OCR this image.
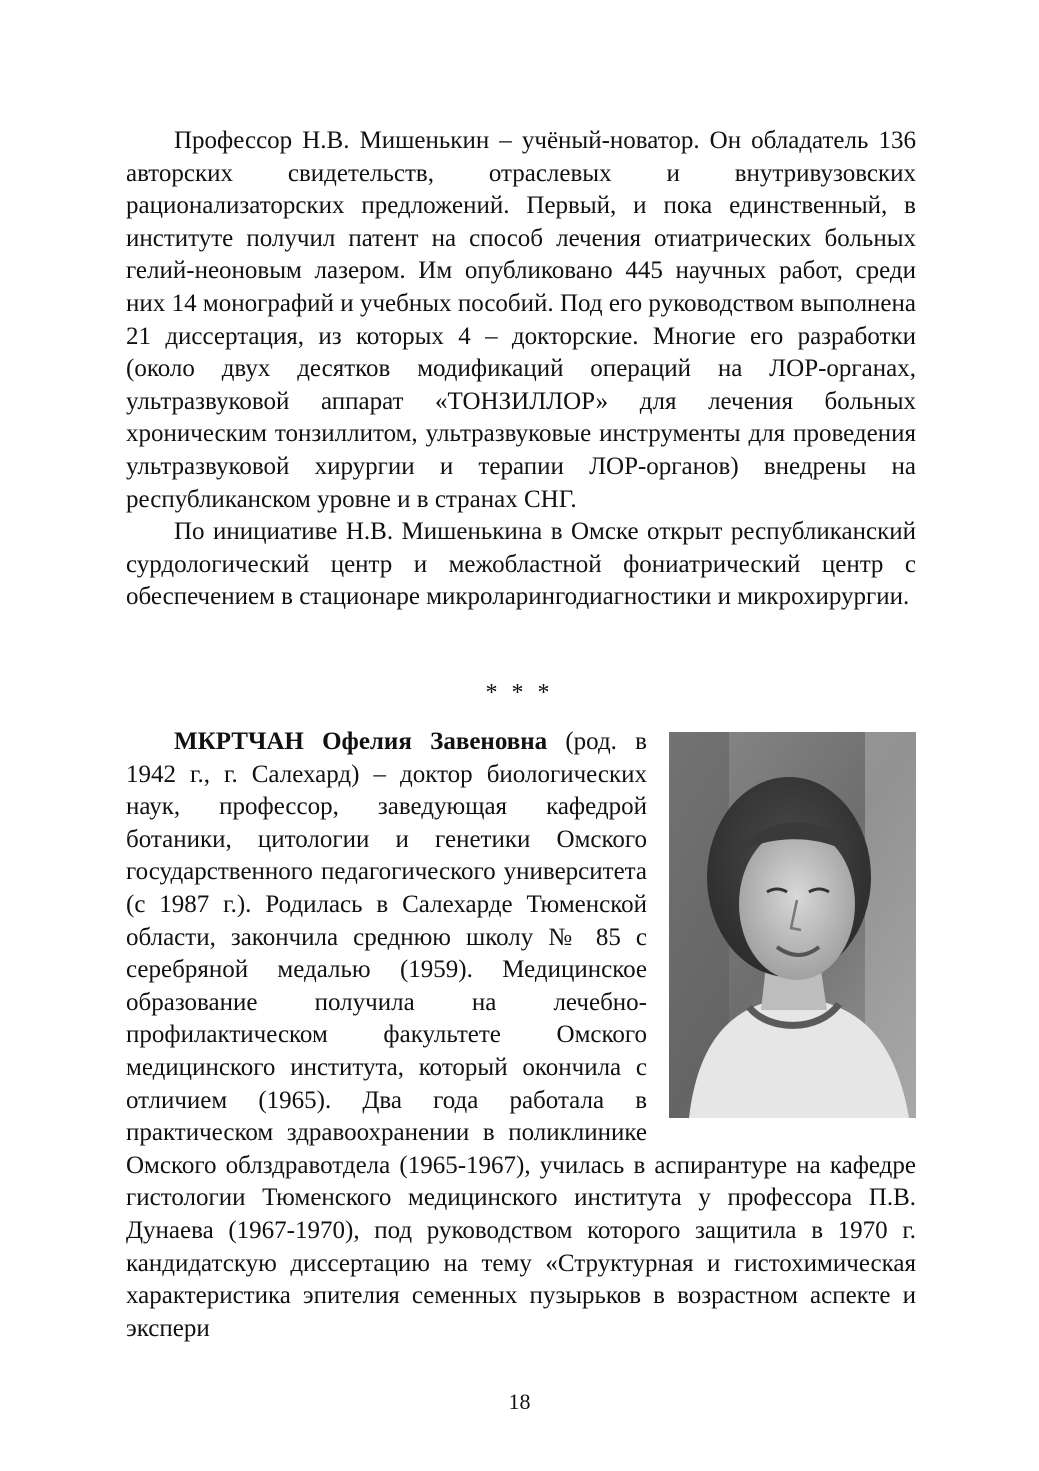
Профессор Н.В. Мишенькин – учёный-новатор. Он обладатель 136 авторских свидетельств, отраслевых и внутривузовских рационализаторских предложений. Первый, и пока единственный, в институте получил патент на способ лечения отиатрических больных гелий-неоновым лазером. Им опубликовано 445 научных работ, среди них 14 монографий и учебных пособий. Под его руководством выполнена 21 диссертация, из которых 4 – докторские. Многие его разработки (около двух десятков модификаций операций на ЛОР-органах, ультразвуковой аппарат «ТОНЗИЛЛОР» для лечения больных хроническим тонзиллитом, ультразвуковые инструменты для проведения ультразвуковой хирургии и терапии ЛОР-органов) внедрены на республиканском уровне и в странах СНГ.

По инициативе Н.В. Мишенькина в Омске открыт республиканский сурдологический центр и межобластной фониатрический центр с обеспечением в стационаре микроларингодиагностики и микрохирургии.

* * *

МКРТЧАН Офелия Завеновна (род. в 1942 г., г. Салехард) – доктор биологических наук, профессор, заведующая кафедрой ботаники, цитологии и генетики Омского государственного педагогического университета (с 1987 г.). Родилась в Салехарде Тюменской области, закончила среднюю школу № 85 с серебряной медалью (1959). Медицинское образование получила на лечебно-профилактическом факультете Омского медицинского института, который окончила с отличием (1965). Два года работала в практическом здравоохранении в поликлинике Омского облздравотдела (1965-1967), училась в аспирантуре на кафедре гистологии Тюменского медицинского института у профессора П.В. Дунаева (1967-1970), под руководством которого защитила в 1970 г. кандидатскую диссертацию на тему «Структурная и гистохимическая характеристика эпителия семенных пузырьков в возрастном аспекте и экспери

18
